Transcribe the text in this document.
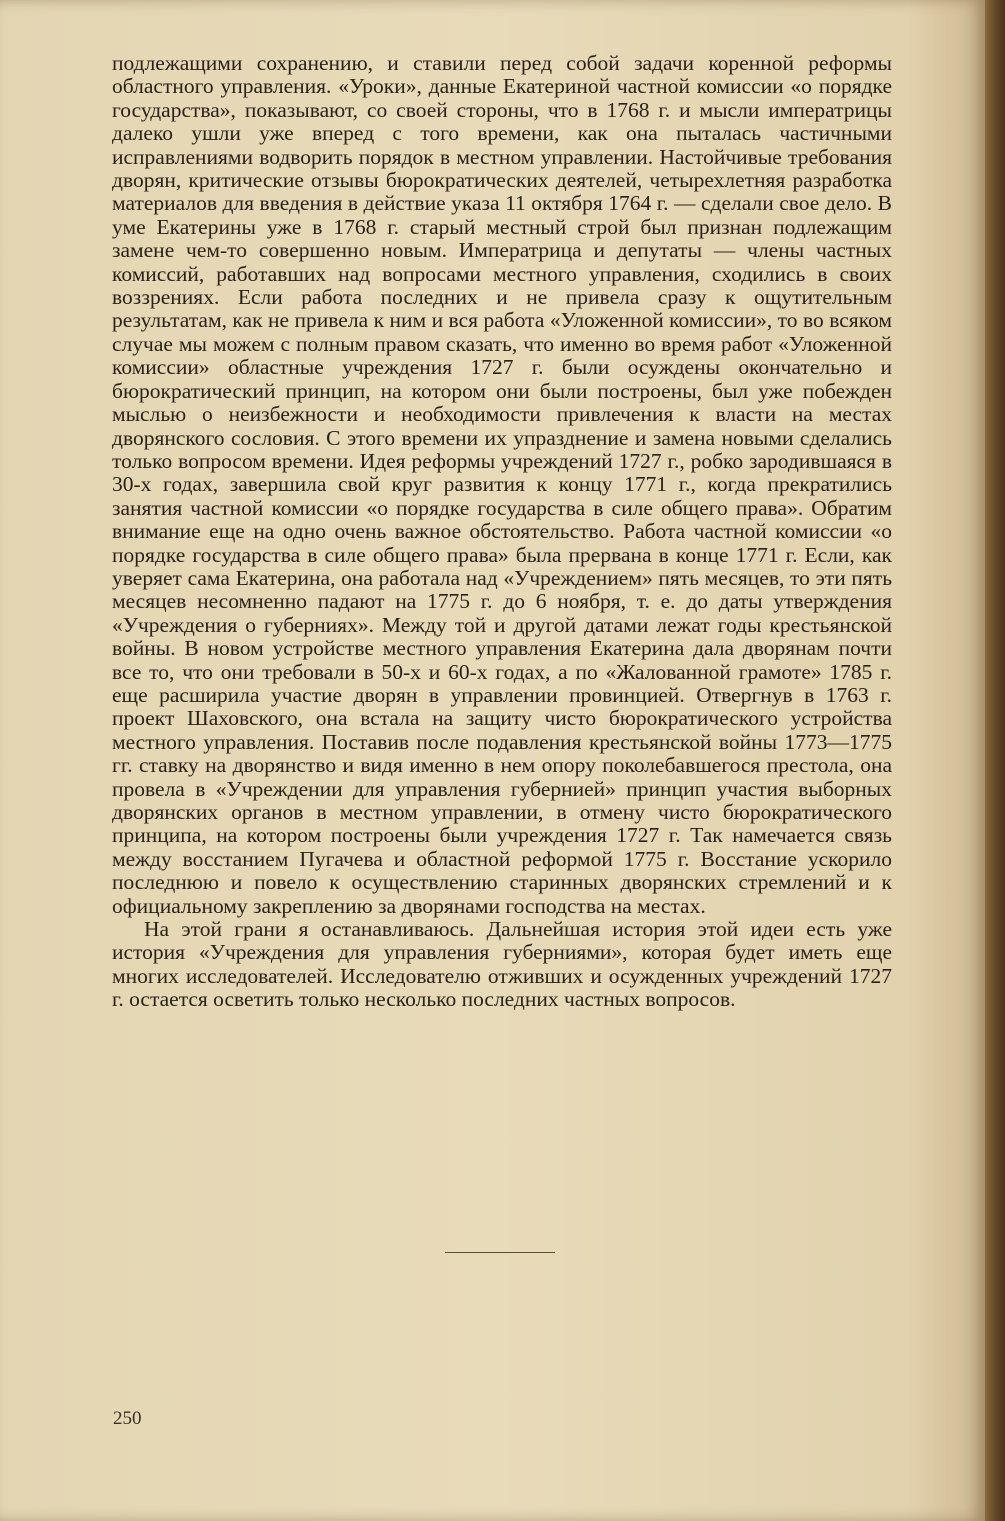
подлежащими сохранению, и ставили перед собой задачи коренной реформы областного управления. «Уроки», данные Екатериной частной комиссии «о порядке государства», показывают, со своей стороны, что в 1768 г. и мысли императрицы далеко ушли уже вперед с того времени, как она пыталась частичными исправлениями водворить порядок в местном управлении. Настойчивые требования дворян, критические отзывы бюрократических деятелей, четырехлетняя разработка материалов для введения в действие указа 11 октября 1764 г. — сделали свое дело. В уме Екатерины уже в 1768 г. старый местный строй был признан подлежащим замене чем-то совершенно новым. Императрица и депутаты — члены частных комиссий, работавших над вопросами местного управления, сходились в своих воззрениях. Если работа последних и не привела сразу к ощутительным результатам, как не привела к ним и вся работа «Уложенной комиссии», то во всяком случае мы можем с полным правом сказать, что именно во время работ «Уложенной комиссии» областные учреждения 1727 г. были осуждены окончательно и бюрократический принцип, на котором они были построены, был уже побежден мыслью о неизбежности и необходимости привлечения к власти на местах дворянского сословия. С этого времени их упразднение и замена новыми сделались только вопросом времени. Идея реформы учреждений 1727 г., робко зародившаяся в 30-х годах, завершила свой круг развития к концу 1771 г., когда прекратились занятия частной комиссии «о порядке государства в силе общего права». Обратим внимание еще на одно очень важное обстоятельство. Работа частной комиссии «о порядке государства в силе общего права» была прервана в конце 1771 г. Если, как уверяет сама Екатерина, она работала над «Учреждением» пять месяцев, то эти пять месяцев несомненно падают на 1775 г. до 6 ноября, т. е. до даты утверждения «Учреждения о губерниях». Между той и другой датами лежат годы крестьянской войны. В новом устройстве местного управления Екатерина дала дворянам почти все то, что они требовали в 50-х и 60-х годах, а по «Жалованной грамоте» 1785 г. еще расширила участие дворян в управлении провинцией. Отвергнув в 1763 г. проект Шаховского, она встала на защиту чисто бюрократического устройства местного управления. Поставив после подавления крестьянской войны 1773—1775 гг. ставку на дворянство и видя именно в нем опору поколебавшегося престола, она провела в «Учреждении для управления губернией» принцип участия выборных дворянских органов в местном управлении, в отмену чисто бюрократического принципа, на котором построены были учреждения 1727 г. Так намечается связь между восстанием Пугачева и областной реформой 1775 г. Восстание ускорило последнюю и повело к осуществлению старинных дворянских стремлений и к официальному закреплению за дворянами господства на местах.

На этой грани я останавливаюсь. Дальнейшая история этой идеи есть уже история «Учреждения для управления губерниями», которая будет иметь еще многих исследователей. Исследователю отживших и осужденных учреждений 1727 г. остается осветить только несколько последних частных вопросов.

250
